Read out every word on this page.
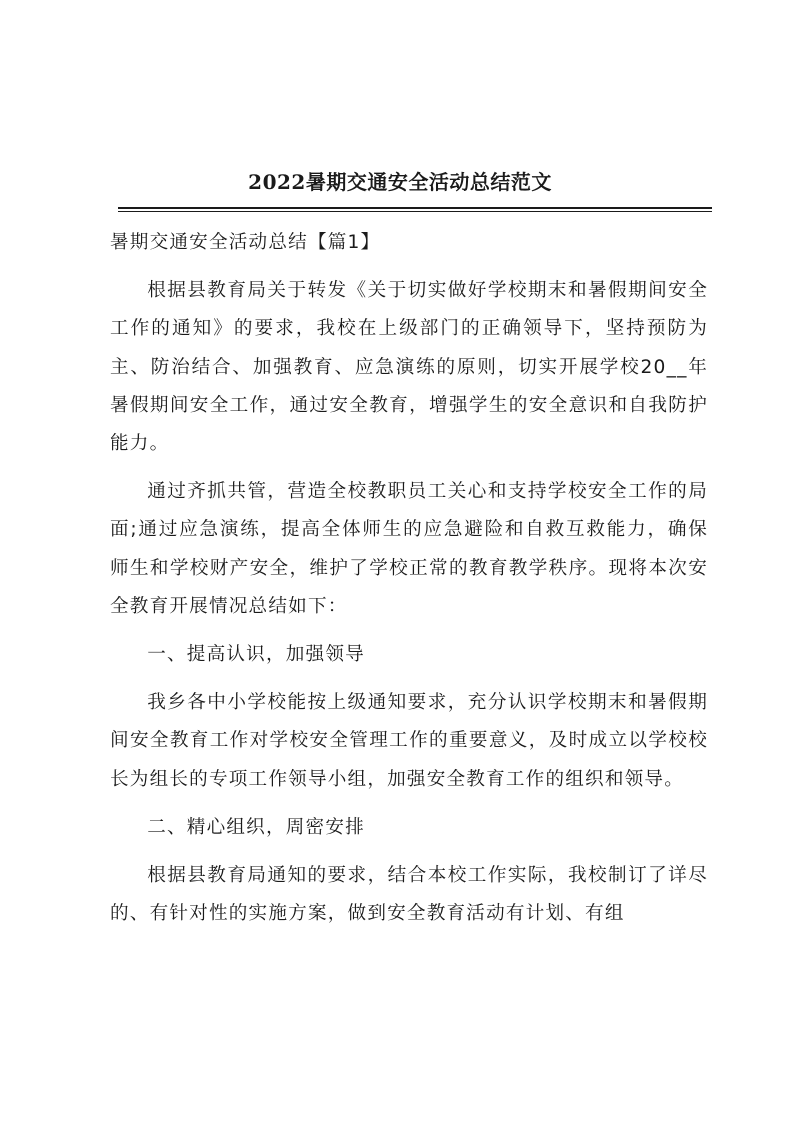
2022暑期交通安全活动总结范文

暑期交通安全活动总结【篇1】

根据县教育局关于转发《关于切实做好学校期末和暑假期间安全工作的通知》的要求，我校在上级部门的正确领导下，坚持预防为主、防治结合、加强教育、应急演练的原则，切实开展学校20__年暑假期间安全工作，通过安全教育，增强学生的安全意识和自我防护能力。

通过齐抓共管，营造全校教职员工关心和支持学校安全工作的局面;通过应急演练，提高全体师生的应急避险和自救互救能力，确保师生和学校财产安全，维护了学校正常的教育教学秩序。现将本次安全教育开展情况总结如下：

一、提高认识，加强领导

我乡各中小学校能按上级通知要求，充分认识学校期末和暑假期间安全教育工作对学校安全管理工作的重要意义，及时成立以学校校长为组长的专项工作领导小组，加强安全教育工作的组织和领导。

二、精心组织，周密安排

根据县教育局通知的要求，结合本校工作实际，我校制订了详尽的、有针对性的实施方案，做到安全教育活动有计划、有组
